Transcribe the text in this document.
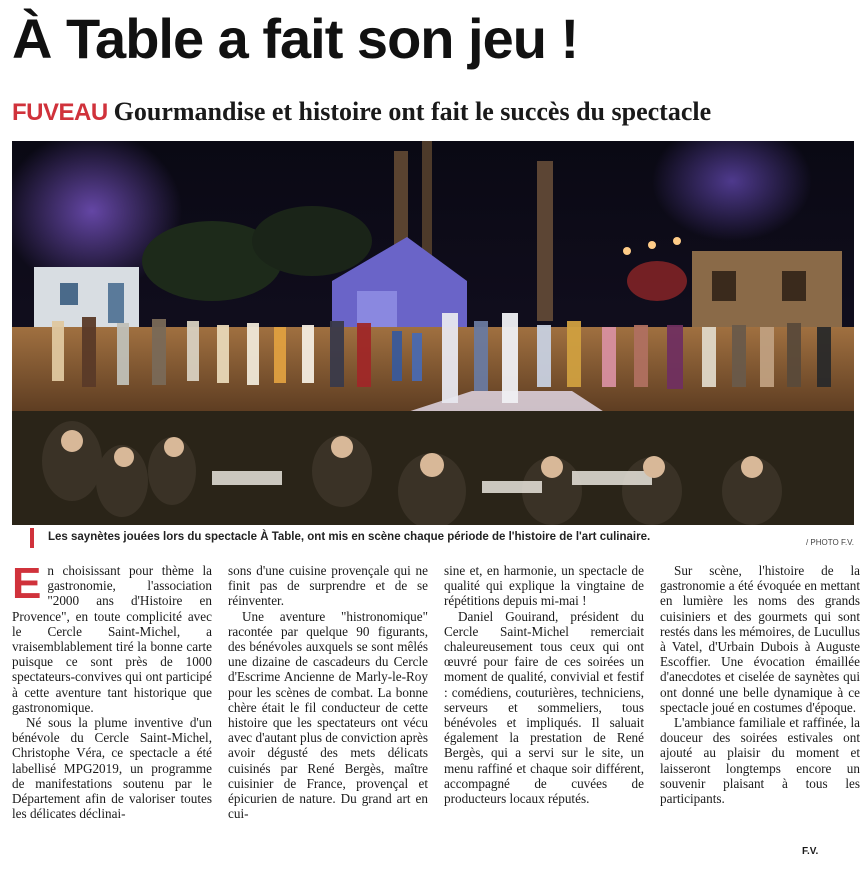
À Table a fait son jeu !
FUVEAU Gourmandise et histoire ont fait le succès du spectacle
Les saynètes jouées lors du spectacle À Table, ont mis en scène chaque période de l'histoire de l'art culinaire.	/ PHOTO F.V.

En choisissant pour thème la gastronomie, l'association "2000 ans d'Histoire en Provence", en toute complicité avec le Cercle Saint-Michel, a vraisemblablement tiré la bonne carte puisque ce sont près de 1000 spectateurs-convives qui ont participé à cette aventure tant historique que gastronomique.

Né sous la plume inventive d'un bénévole du Cercle Saint-Michel, Christophe Véra, ce spectacle a été labellisé MPG2019, un programme de manifestations soutenu par le Département afin de valoriser toutes les délicates déclinai-

sons d'une cuisine provençale qui ne finit pas de surprendre et de se réinventer.

Une aventure "histronomique" racontée par quelque 90 figurants, des bénévoles auxquels se sont mêlés une dizaine de cascadeurs du Cercle d'Escrime Ancienne de Marly-le-Roy pour les scènes de combat. La bonne chère était le fil conducteur de cette histoire que les spectateurs ont vécu avec d'autant plus de conviction après avoir dégusté des mets délicats cuisinés par René Bergès, maître cuisinier de France, provençal et épicurien de nature. Du grand art en cui-

sine et, en harmonie, un spectacle de qualité qui explique la vingtaine de répétitions depuis mi-mai !

Daniel Gouirand, président du Cercle Saint-Michel remerciait chaleureusement tous ceux qui ont œuvré pour faire de ces soirées un moment de qualité, convivial et festif : comédiens, couturières, techniciens, serveurs et sommeliers, tous bénévoles et impliqués. Il saluait également la prestation de René Bergès, qui a servi sur le site, un menu raffiné et chaque soir différent, accompagné de cuvées de producteurs locaux réputés.

Sur scène, l'histoire de la gastronomie a été évoquée en mettant en lumière les noms des grands cuisiniers et des gourmets qui sont restés dans les mémoires, de Lucullus à Vatel, d'Urbain Dubois à Auguste Escoffier. Une évocation émaillée d'anecdotes et ciselée de saynètes qui ont donné une belle dynamique à ce spectacle joué en costumes d'époque.

L'ambiance familiale et raffinée, la douceur des soirées estivales ont ajouté au plaisir du moment et laisseront longtemps encore un souvenir plaisant à tous les participants.

F.V.
